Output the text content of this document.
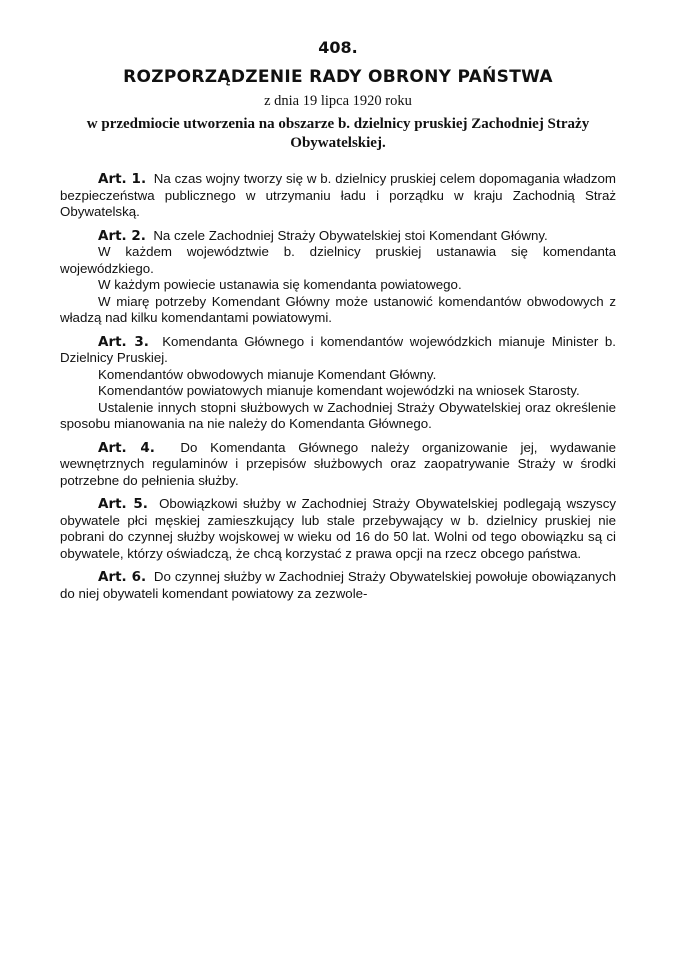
408.
ROZPORZĄDZENIE RADY OBRONY PAŃSTWA
z dnia 19 lipca 1920 roku
w przedmiocie utworzenia na obszarze b. dzielnicy pruskiej Zachodniej Straży Obywatelskiej.

Art. 1. Na czas wojny tworzy się w b. dzielnicy pruskiej celem dopomagania władzom bezpieczeństwa publicznego w utrzymaniu ładu i porządku w kraju Zachodnią Straż Obywatelską.

Art. 2. Na czele Zachodniej Straży Obywatelskiej stoi Komendant Główny.

W każdem województwie b. dzielnicy pruskiej ustanawia się komendanta wojewódzkiego.

W każdym powiecie ustanawia się komendanta powiatowego.

W miarę potrzeby Komendant Główny może ustanowić komendantów obwodowych z władzą nad kilku komendantami powiatowymi.

Art. 3. Komendanta Głównego i komendantów wojewódzkich mianuje Minister b. Dzielnicy Pruskiej.

Komendantów obwodowych mianuje Komendant Główny.

Komendantów powiatowych mianuje komendant wojewódzki na wniosek Starosty.

Ustalenie innych stopni służbowych w Zachodniej Straży Obywatelskiej oraz określenie sposobu mianowania na nie należy do Komendanta Głównego.

Art. 4. Do Komendanta Głównego należy organizowanie jej, wydawanie wewnętrznych regulaminów i przepisów służbowych oraz zaopatrywanie Straży w środki potrzebne do pełnienia służby.

Art. 5. Obowiązkowi służby w Zachodniej Straży Obywatelskiej podlegają wszyscy obywatele płci męskiej zamieszkujący lub stale przebywający w b. dzielnicy pruskiej nie pobrani do czynnej służby wojskowej w wieku od 16 do 50 lat. Wolni od tego obowiązku są ci obywatele, którzy oświadczą, że chcą korzystać z prawa opcji na rzecz obcego państwa.

Art. 6. Do czynnej służby w Zachodniej Straży Obywatelskiej powołuje obowiązanych do niej obywateli komendant powiatowy za zezwole-
